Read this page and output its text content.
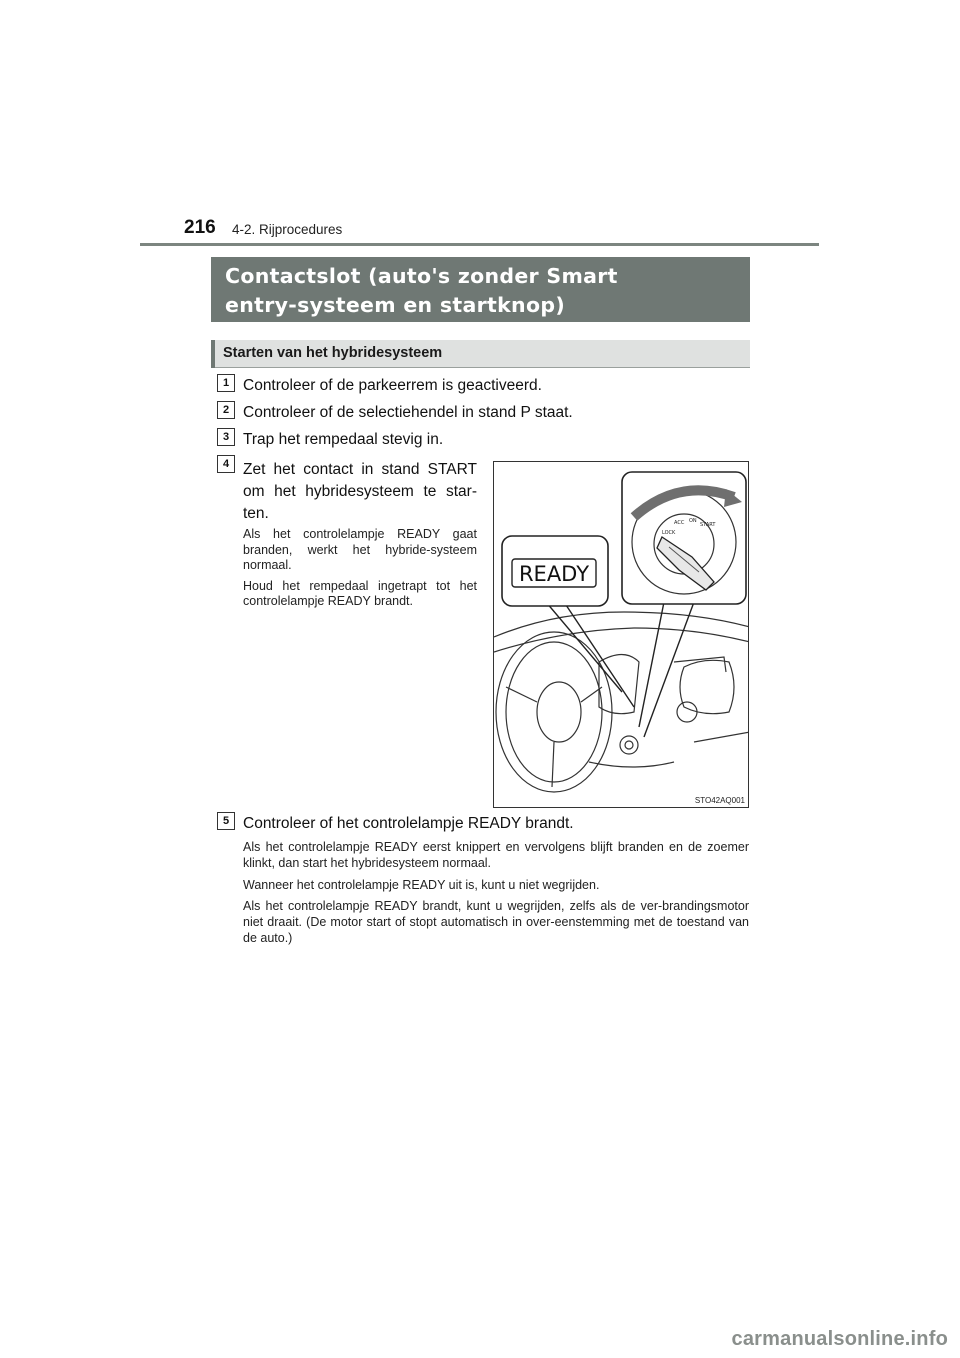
216 4-2. Rijprocedures
Contactslot (auto's zonder Smart
entry-systeem en startknop)
Starten van het hybridesysteem
1 Controleer of de parkeerrem is geactiveerd.
2 Controleer of de selectiehendel in stand P staat.
3 Trap het rempedaal stevig in.
4 Zet het contact in stand START om het hybridesysteem te star-ten.

Als het controlelampje READY gaat branden, werkt het hybride-systeem normaal.

Houd het rempedaal ingetrapt tot het controlelampje READY brandt.

READY
LOCK
ACC ON
START
STO42AQ001
5 Controleer of het controlelampje READY brandt.

Als het controlelampje READY eerst knippert en vervolgens blijft branden en de zoemer klinkt, dan start het hybridesysteem normaal.

Wanneer het controlelampje READY uit is, kunt u niet wegrijden.

Als het controlelampje READY brandt, kunt u wegrijden, zelfs als de ver-brandingsmotor niet draait. (De motor start of stopt automatisch in over-eenstemming met de toestand van de auto.)

carmanualsonline.info
